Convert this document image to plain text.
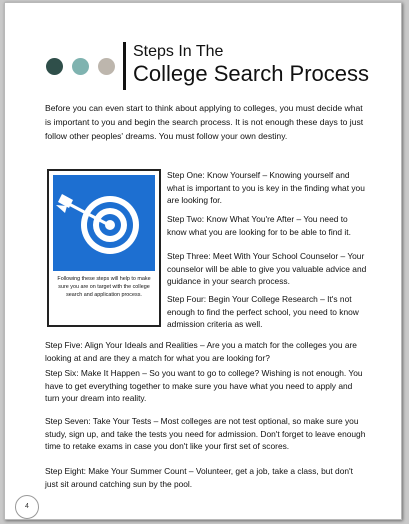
Steps In The
College Search Process

Before you can even start to think about applying to colleges, you must decide what is important to you and begin the search process. It is not enough these days to just follow other peoples' dreams. You must follow your own destiny.

Following these steps will help to make sure you are on target with the college search and application process.

Step One: Know Yourself – Knowing yourself and what is important to you is key in the finding what you are looking for.

Step Two: Know What You're After – You need to know what you are looking for to be able to find it.

Step Three: Meet With Your School Counselor – Your counselor will be able to give you valuable advice and guidance in your search process.

Step Four: Begin Your College Research – It's not enough to find the perfect school, you need to know admission criteria as well.

Step Five: Align Your Ideals and Realities – Are you a match for the colleges you are looking at and are they a match for what you are looking for?

Step Six: Make It Happen – So you want to go to college? Wishing is not enough. You have to get everything together to make sure you have what you need to apply and turn your dream into reality.

Step Seven: Take Your Tests – Most colleges are not test optional, so make sure you study, sign up, and take the tests you need for admission. Don't forget to leave enough time to retake exams in case you don't like your first set of scores.

Step Eight: Make Your Summer Count – Volunteer, get a job, take a class, but don't just sit around catching sun by the pool.

4
